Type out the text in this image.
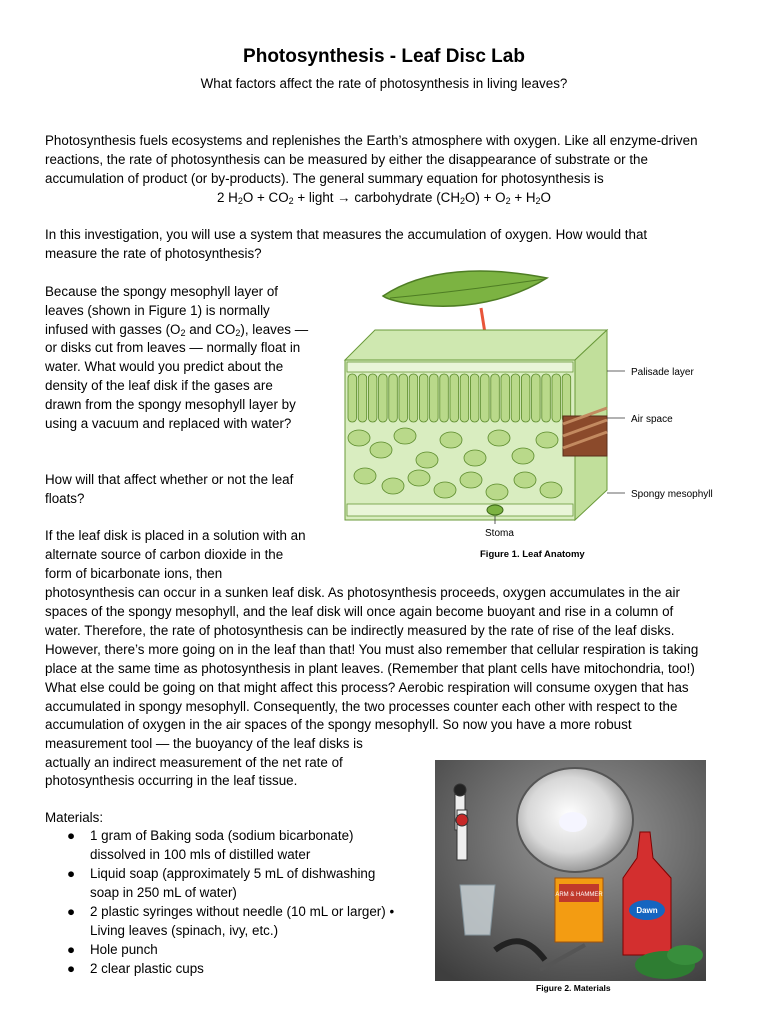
Photosynthesis - Leaf Disc Lab
What factors affect the rate of photosynthesis in living leaves?
Photosynthesis fuels ecosystems and replenishes the Earth’s atmosphere with oxygen. Like all enzyme-driven
reactions, the rate of photosynthesis can be measured by either the disappearance of substrate or the
accumulation of product (or by-products). The general summary equation for photosynthesis is
2 $H_2O + CO_2$ + light → carbohydrate $(CH_2O) + O_2 + H_2O$
In this investigation, you will use a system that measures the accumulation of oxygen. How would that
measure the rate of photosynthesis?
Because the spongy mesophyll layer of
leaves (shown in Figure 1) is normally
infused with gasses ($O_2$ and $CO_2$), leaves —
or disks cut from leaves — normally float in
water. What would you predict about the
density of the leaf disk if the gases are
drawn from the spongy mesophyll layer by
using a vacuum and replaced with water?
How will that affect whether or not the leaf
floats?
If the leaf disk is placed in a solution with an
alternate source of carbon dioxide in the
form of bicarbonate ions, then
photosynthesis can occur in a sunken leaf disk. As photosynthesis proceeds, oxygen accumulates in the air
spaces of the spongy mesophyll, and the leaf disk will once again become buoyant and rise in a column of
water. Therefore, the rate of photosynthesis can be indirectly measured by the rate of rise of the leaf disks.
However, there’s more going on in the leaf than that! You must also remember that cellular respiration is taking
place at the same time as photosynthesis in plant leaves. (Remember that plant cells have mitochondria, too!)
What else could be going on that might affect this process? Aerobic respiration will consume oxygen that has
accumulated in spongy mesophyll. Consequently, the two processes counter each other with respect to the
accumulation of oxygen in the air spaces of the spongy mesophyll. So now you have a more robust
measurement tool — the buoyancy of the leaf disks is
actually an indirect measurement of the net rate of
photosynthesis occurring in the leaf tissue.
Materials:
● 1 gram of Baking soda (sodium bicarbonate)
dissolved in 100 mls of distilled water
● Liquid soap (approximately 5 mL of dishwashing
soap in 250 mL of water)
● 2 plastic syringes without needle (10 mL or larger) •
Living leaves (spinach, ivy, etc.)
● Hole punch
● 2 clear plastic cups
Palisade layer
Air space
Spongy mesophyll
Stoma
Figure 1. Leaf Anatomy
ARM & HAMMER
Dawn
Figure 2. Materials
